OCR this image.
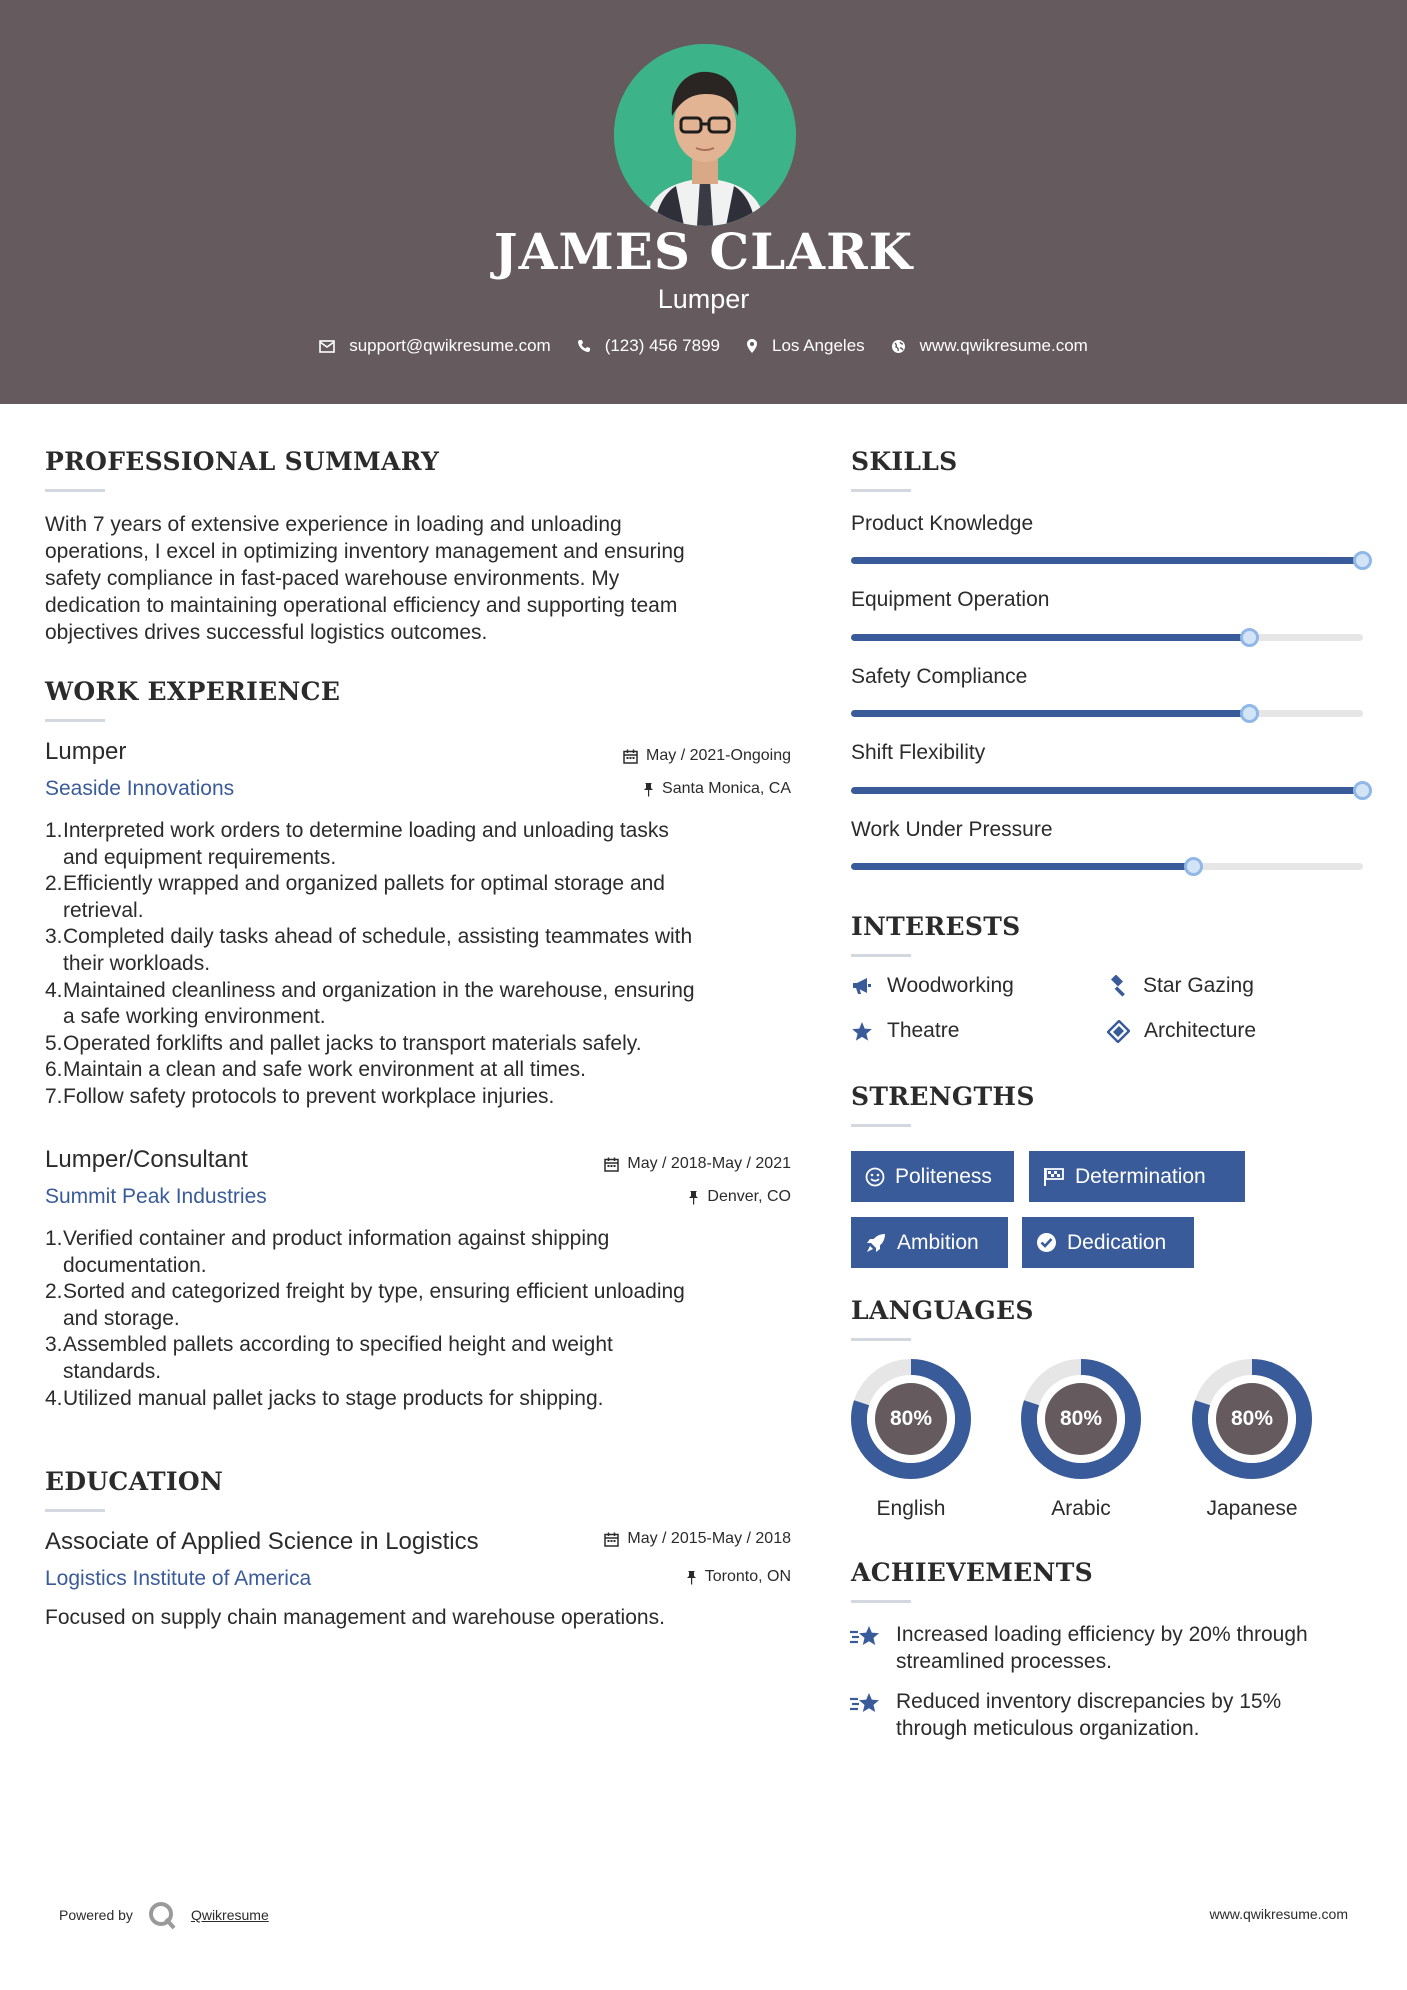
JAMES CLARK
Lumper
support@qwikresume.com	(123) 456 7899	Los Angeles	www.qwikresume.com
PROFESSIONAL SUMMARY
With 7 years of extensive experience in loading and unloading
operations, I excel in optimizing inventory management and ensuring
safety compliance in fast-paced warehouse environments. My
dedication to maintaining operational efficiency and supporting team
objectives drives successful logistics outcomes.
WORK EXPERIENCE
Lumper	May / 2021-Ongoing
Seaside Innovations	Santa Monica, CA
1. Interpreted work orders to determine loading and unloading tasks
and equipment requirements.
2. Efficiently wrapped and organized pallets for optimal storage and
retrieval.
3. Completed daily tasks ahead of schedule, assisting teammates with
their workloads.
4. Maintained cleanliness and organization in the warehouse, ensuring
a safe working environment.
5. Operated forklifts and pallet jacks to transport materials safely.
6. Maintain a clean and safe work environment at all times.
7. Follow safety protocols to prevent workplace injuries.
Lumper/Consultant	May / 2018-May / 2021
Summit Peak Industries	Denver, CO
1. Verified container and product information against shipping
documentation.
2. Sorted and categorized freight by type, ensuring efficient unloading
and storage.
3. Assembled pallets according to specified height and weight
standards.
4. Utilized manual pallet jacks to stage products for shipping.
EDUCATION
Associate of Applied Science in Logistics	May / 2015-May / 2018
Logistics Institute of America	Toronto, ON
Focused on supply chain management and warehouse operations.
SKILLS
Product Knowledge
Equipment Operation
Safety Compliance
Shift Flexibility
Work Under Pressure
INTERESTS
Woodworking	Star Gazing
Theatre	Architecture
STRENGTHS
Politeness	Determination
Ambition	Dedication
LANGUAGES
80%
English
80%
Arabic
80%
Japanese
ACHIEVEMENTS
Increased loading efficiency by 20% through
streamlined processes.
Reduced inventory discrepancies by 15%
through meticulous organization.
Powered by	Qwikresume	www.qwikresume.com
